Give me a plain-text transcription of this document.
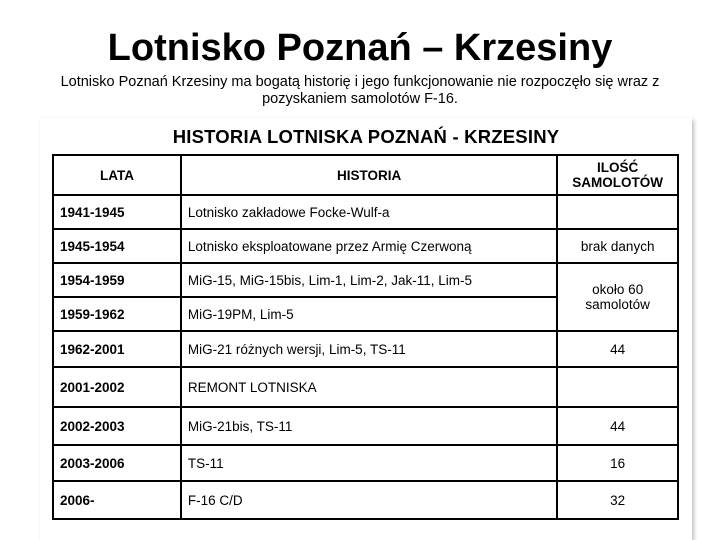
Lotnisko Poznań – Krzesiny

Lotnisko Poznań Krzesiny ma bogatą historię i jego funkcjonowanie nie rozpoczęło się wraz z pozyskaniem samolotów F-16.

HISTORIA LOTNISKA POZNAŃ - KRZESINY
LATA	HISTORIA	ILOŚĆ SAMOLOTÓW
1941-1945	Lotnisko zakładowe Focke-Wulf-a	
1945-1954	Lotnisko eksploatowane przez Armię Czerwoną	brak danych
1954-1959	MiG-15, MiG-15bis, Lim-1, Lim-2, Jak-11, Lim-5	około 60 samolotów
1959-1962	MiG-19PM, Lim-5	
1962-2001	MiG-21 różnych wersji, Lim-5, TS-11	44
2001-2002	REMONT LOTNISKA	
2002-2003	MiG-21bis, TS-11	44
2003-2006	TS-11	16
2006-	F-16 C/D	32
